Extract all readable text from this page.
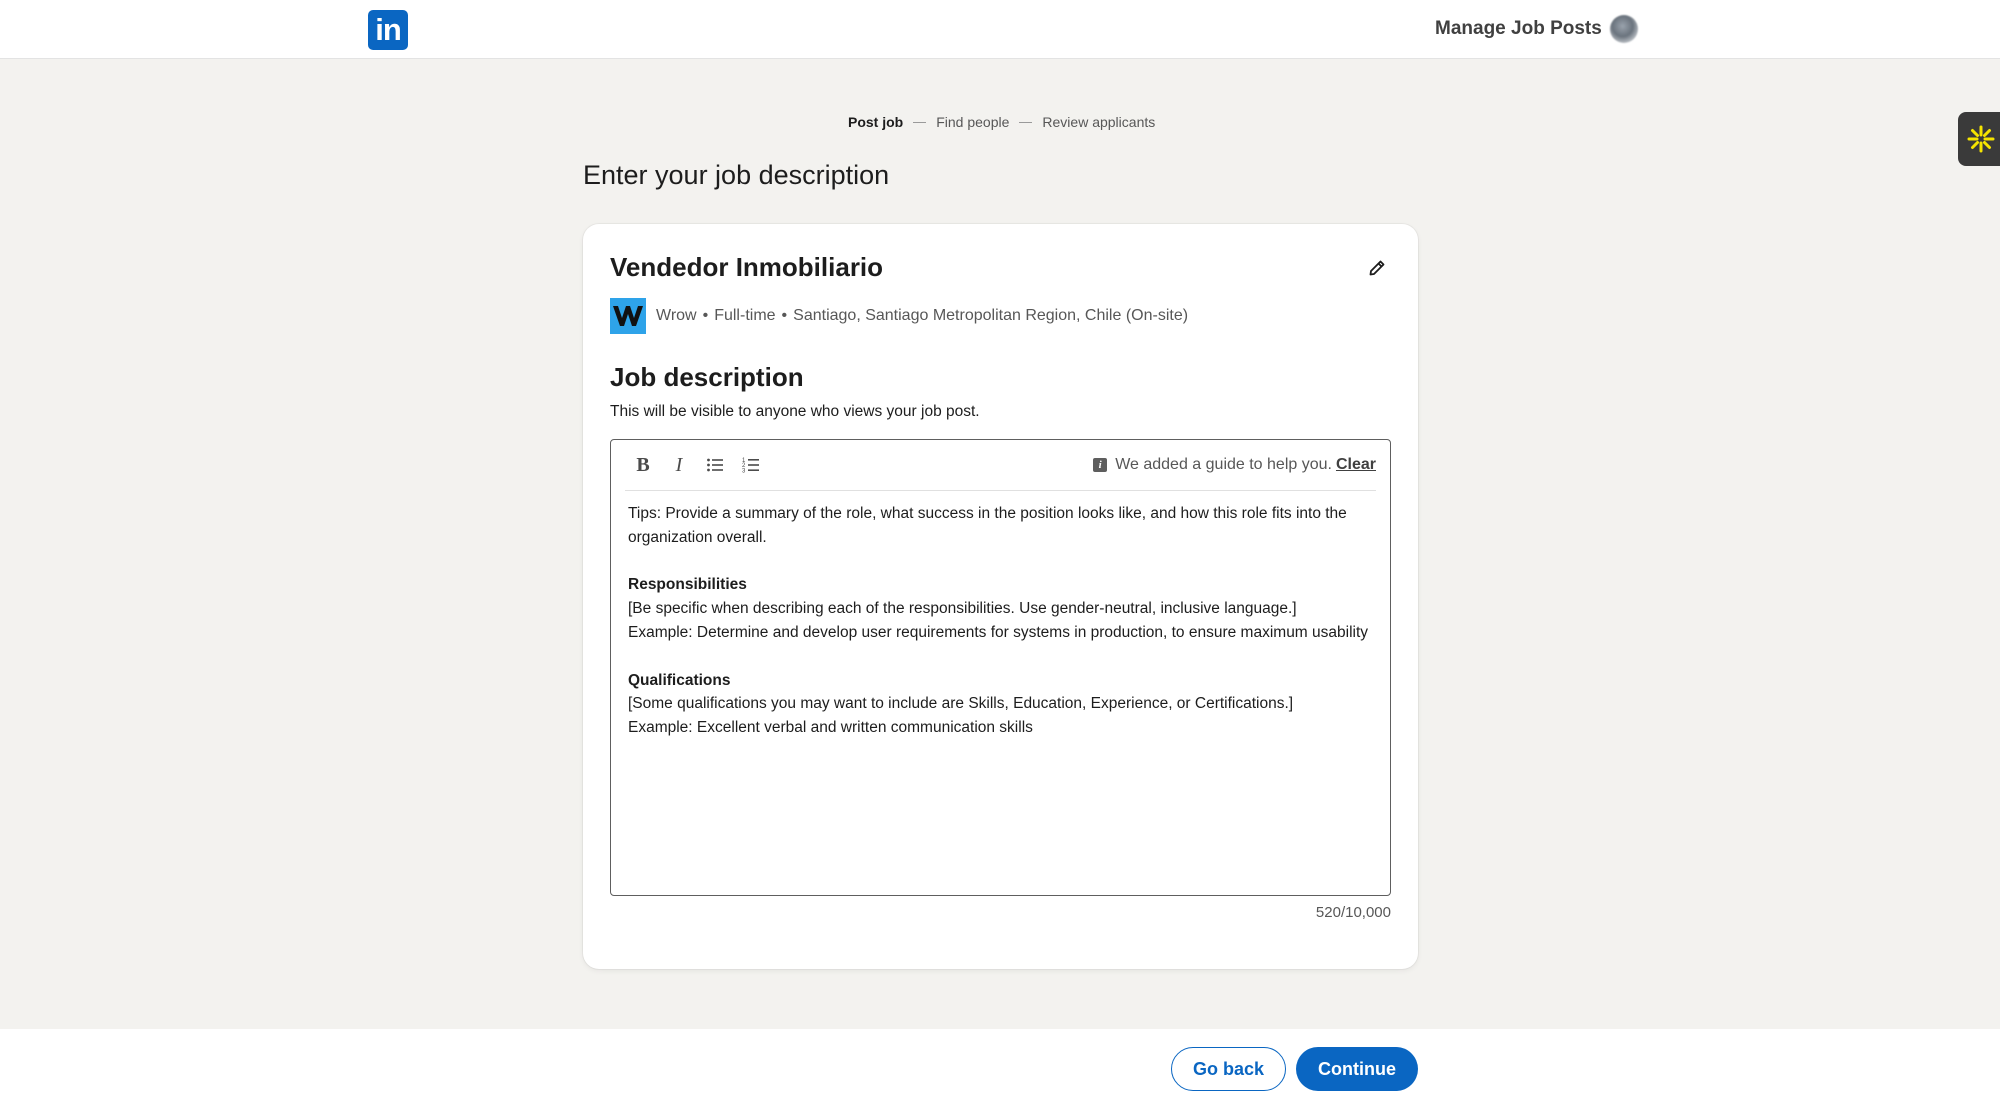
in	Manage Job Posts
Post job Find people Review applicants
Enter your job description
Vendedor Inmobiliario
Wrow • Full-time • Santiago, Santiago Metropolitan Region, Chile (On-site)
Job description
This will be visible to anyone who views your job post.
B I	1
2
3
i We added a guide to help you. Clear

Tips: Provide a summary of the role, what success in the position looks like, and how this role fits into the organization overall.

Responsibilities

[Be specific when describing each of the responsibilities. Use gender-neutral, inclusive language.]

Example: Determine and develop user requirements for systems in production, to ensure maximum usability

Qualifications

[Some qualifications you may want to include are Skills, Education, Experience, or Certifications.]

Example: Excellent verbal and written communication skills

520/10,000
Go back	Continue
